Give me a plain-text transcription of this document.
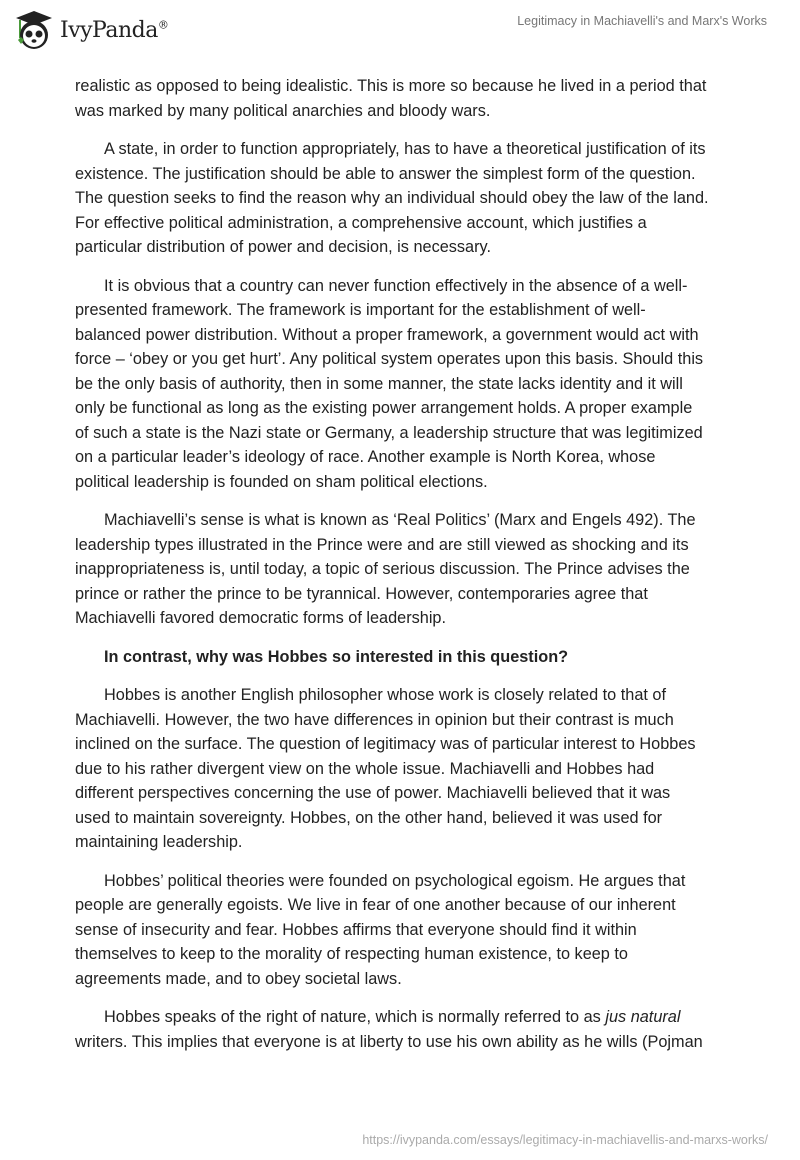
IvyPanda®	Legitimacy in Machiavelli's and Marx's Works
realistic as opposed to being idealistic. This is more so because he lived in a period that
was marked by many political anarchies and bloody wars.
A state, in order to function appropriately, has to have a theoretical justification of its
existence. The justification should be able to answer the simplest form of the question.
The question seeks to find the reason why an individual should obey the law of the land.
For effective political administration, a comprehensive account, which justifies a
particular distribution of power and decision, is necessary.
It is obvious that a country can never function effectively in the absence of a well-
presented framework. The framework is important for the establishment of well-
balanced power distribution. Without a proper framework, a government would act with
force – ‘obey or you get hurt’. Any political system operates upon this basis. Should this
be the only basis of authority, then in some manner, the state lacks identity and it will
only be functional as long as the existing power arrangement holds. A proper example
of such a state is the Nazi state or Germany, a leadership structure that was legitimized
on a particular leader’s ideology of race. Another example is North Korea, whose
political leadership is founded on sham political elections.
Machiavelli’s sense is what is known as ‘Real Politics’ (Marx and Engels 492). The
leadership types illustrated in the Prince were and are still viewed as shocking and its
inappropriateness is, until today, a topic of serious discussion. The Prince advises the
prince or rather the prince to be tyrannical. However, contemporaries agree that
Machiavelli favored democratic forms of leadership.
In contrast, why was Hobbes so interested in this question?
Hobbes is another English philosopher whose work is closely related to that of
Machiavelli. However, the two have differences in opinion but their contrast is much
inclined on the surface. The question of legitimacy was of particular interest to Hobbes
due to his rather divergent view on the whole issue. Machiavelli and Hobbes had
different perspectives concerning the use of power. Machiavelli believed that it was
used to maintain sovereignty. Hobbes, on the other hand, believed it was used for
maintaining leadership.
Hobbes’ political theories were founded on psychological egoism. He argues that
people are generally egoists. We live in fear of one another because of our inherent
sense of insecurity and fear. Hobbes affirms that everyone should find it within
themselves to keep to the morality of respecting human existence, to keep to
agreements made, and to obey societal laws.
Hobbes speaks of the right of nature, which is normally referred to as jus natural
writers. This implies that everyone is at liberty to use his own ability as he wills (Pojman
https://ivypanda.com/essays/legitimacy-in-machiavellis-and-marxs-works/
